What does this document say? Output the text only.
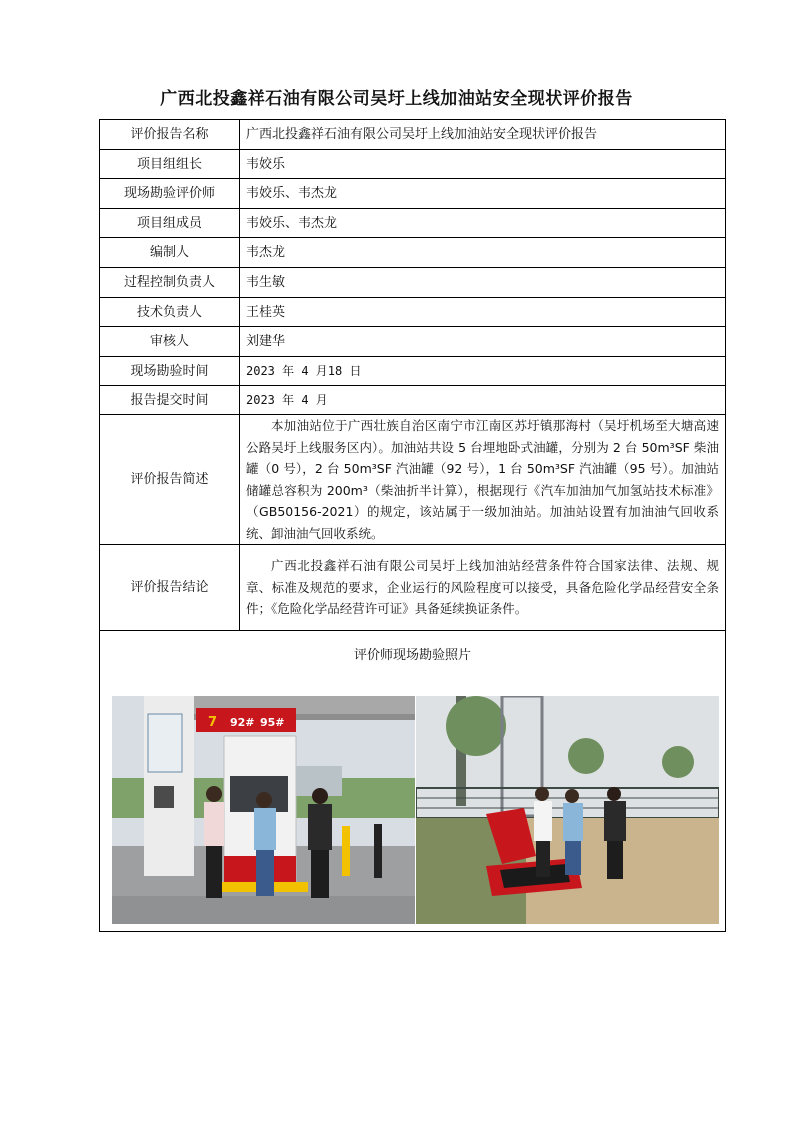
广西北投鑫祥石油有限公司吴圩上线加油站安全现状评价报告
评价报告名称	广西北投鑫祥石油有限公司吴圩上线加油站安全现状评价报告
项目组组长	韦姣乐
现场勘验评价师	韦姣乐、韦杰龙
项目组成员	韦姣乐、韦杰龙
编制人	韦杰龙
过程控制负责人	韦生敏
技术负责人	王桂英
审核人	刘建华
现场勘验时间	2023 年 4 月18 日
报告提交时间	2023 年 4 月
评价报告简述	本加油站位于广西壮族自治区南宁市江南区苏圩镇那海村（吴圩机场至大塘高速公路吴圩上线服务区内）。加油站共设 5 台埋地卧式油罐，分别为 2 台 50m³SF 柴油罐（0 号），2 台 50m³SF 汽油罐（92 号），1 台 50m³SF 汽油罐（95 号）。加油站储罐总容积为 200m³（柴油折半计算），根据现行《汽车加油加气加氢站技术标准》（GB50156-2021）的规定，该站属于一级加油站。加油站设置有加油油气回收系统、卸油油气回收系统。
评价报告结论	广西北投鑫祥石油有限公司吴圩上线加油站经营条件符合国家法律、法规、规章、标准及规范的要求，企业运行的风险程度可以接受，具备危险化学品经营安全条件；《危险化学品经营许可证》具备延续换证条件。

评价师现场勘验照片
7 92# 95#	
